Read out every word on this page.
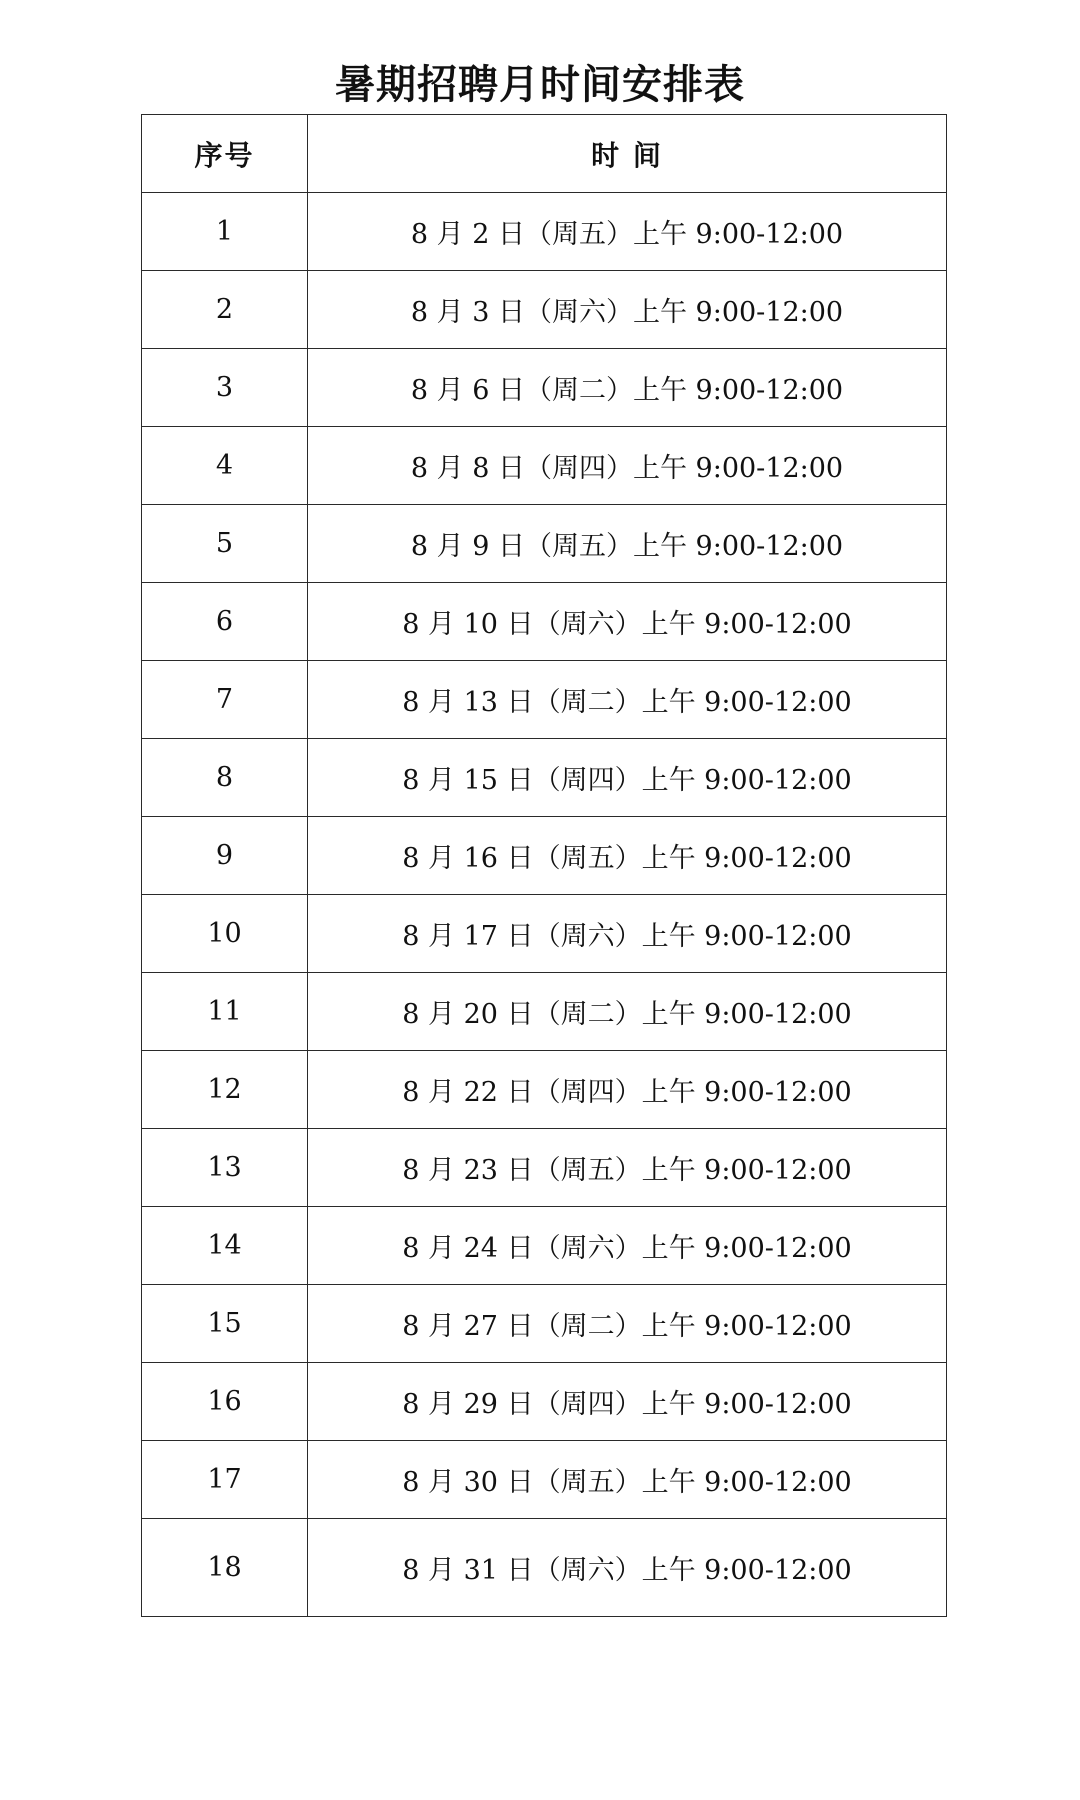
暑期招聘月时间安排表
序号	时 间
1	8 月 2 日（周五）上午 9:00-12:00
2	8 月 3 日（周六）上午 9:00-12:00
3	8 月 6 日（周二）上午 9:00-12:00
4	8 月 8 日（周四）上午 9:00-12:00
5	8 月 9 日（周五）上午 9:00-12:00
6	8 月 10 日（周六）上午 9:00-12:00
7	8 月 13 日（周二）上午 9:00-12:00
8	8 月 15 日（周四）上午 9:00-12:00
9	8 月 16 日（周五）上午 9:00-12:00
10	8 月 17 日（周六）上午 9:00-12:00
11	8 月 20 日（周二）上午 9:00-12:00
12	8 月 22 日（周四）上午 9:00-12:00
13	8 月 23 日（周五）上午 9:00-12:00
14	8 月 24 日（周六）上午 9:00-12:00
15	8 月 27 日（周二）上午 9:00-12:00
16	8 月 29 日（周四）上午 9:00-12:00
17	8 月 30 日（周五）上午 9:00-12:00
18	8 月 31 日（周六）上午 9:00-12:00
